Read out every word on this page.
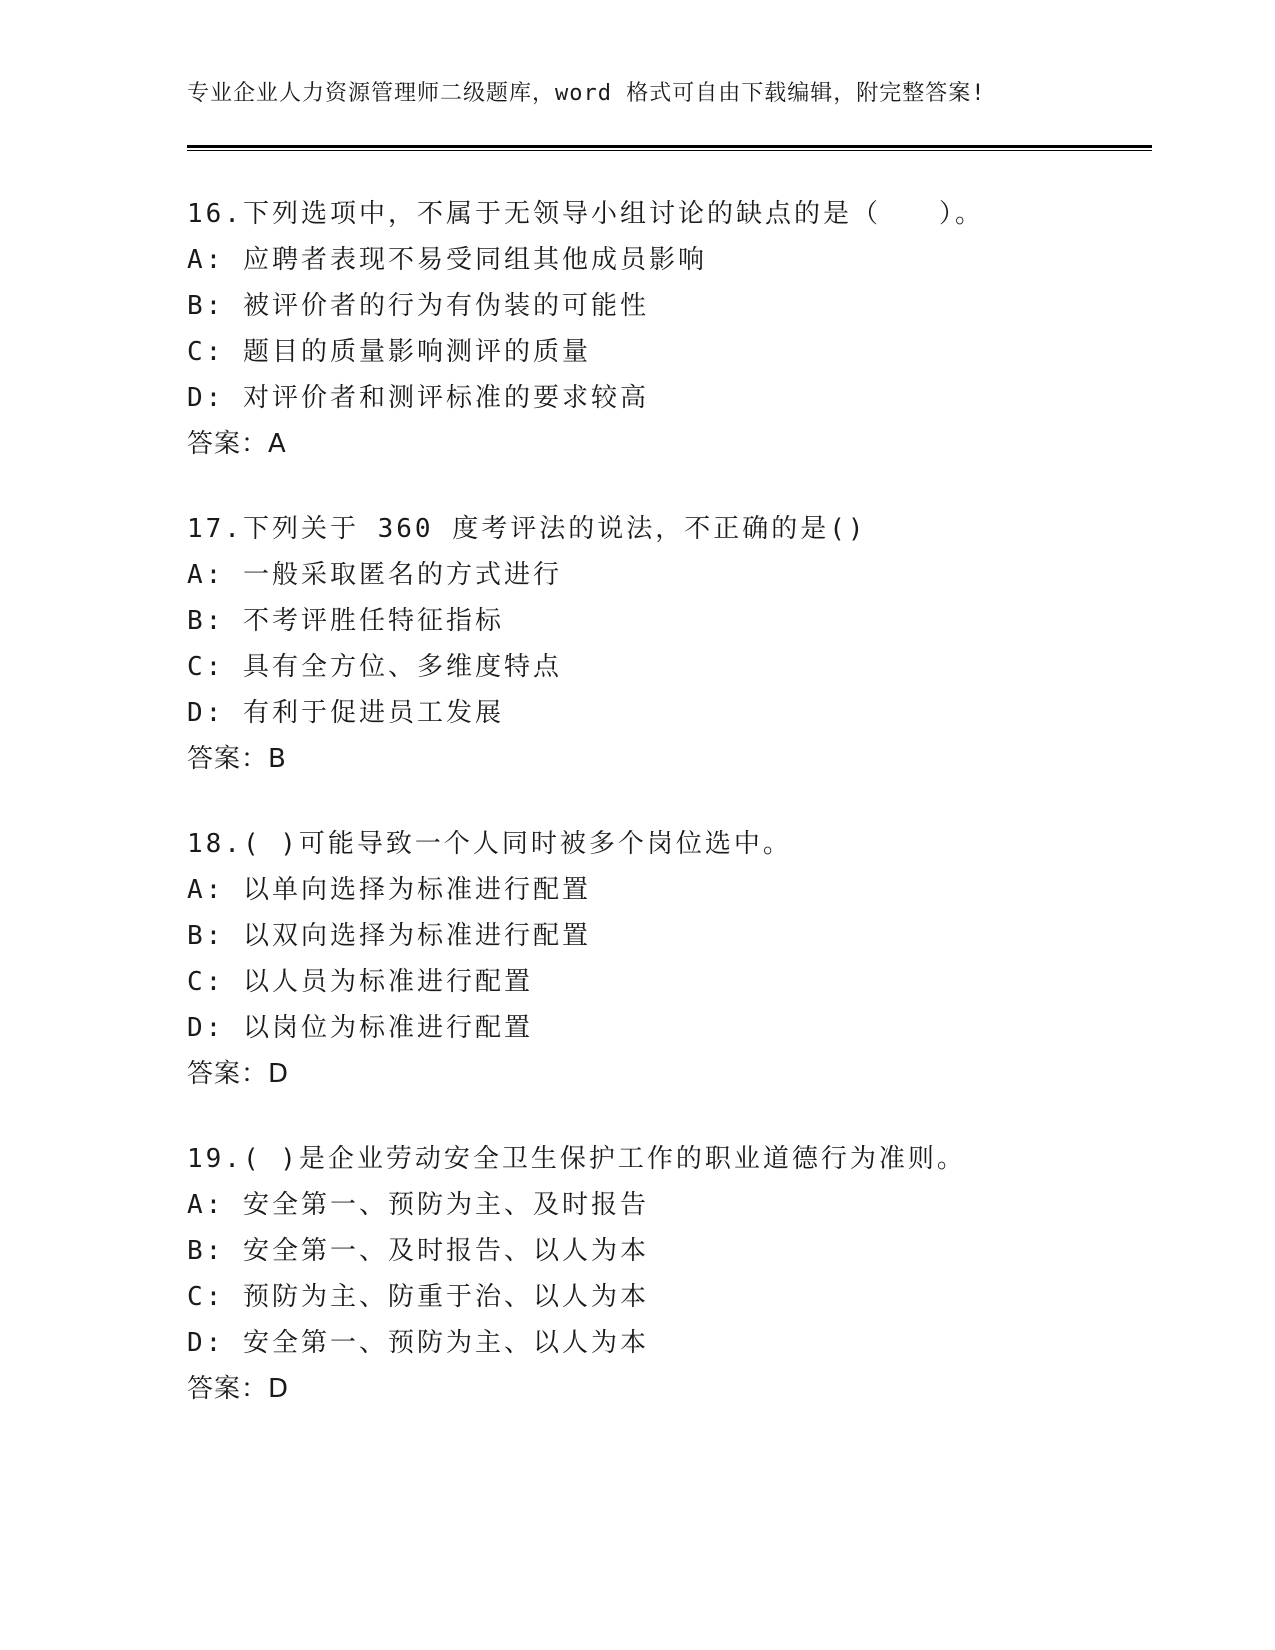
专业企业人力资源管理师二级题库，word 格式可自由下载编辑，附完整答案!
16.下列选项中，不属于无领导小组讨论的缺点的是（　　）。
A: 应聘者表现不易受同组其他成员影响
B: 被评价者的行为有伪装的可能性
C: 题目的质量影响测评的质量
D: 对评价者和测评标准的要求较高
答案：A
17.下列关于 360 度考评法的说法，不正确的是()
A: 一般采取匿名的方式进行
B: 不考评胜任特征指标
C: 具有全方位、多维度特点
D: 有利于促进员工发展
答案：B
18.( )可能导致一个人同时被多个岗位选中。
A: 以单向选择为标准进行配置
B: 以双向选择为标准进行配置
C: 以人员为标准进行配置
D: 以岗位为标准进行配置
答案：D
19.( )是企业劳动安全卫生保护工作的职业道德行为准则。
A: 安全第一、预防为主、及时报告
B: 安全第一、及时报告、以人为本
C: 预防为主、防重于治、以人为本
D: 安全第一、预防为主、以人为本
答案：D
